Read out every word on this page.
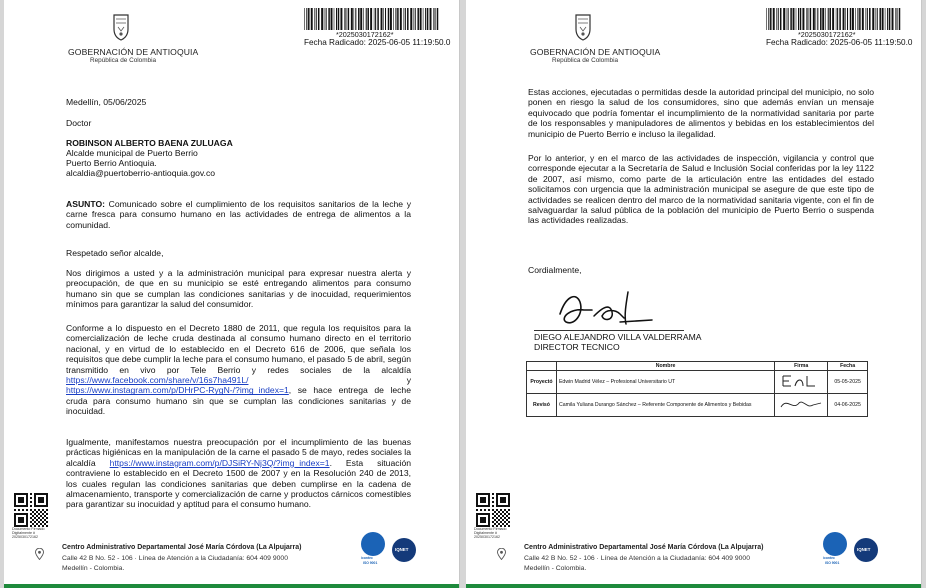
GOBERNACIÓN DE ANTIOQUIA
República de Colombia
*2025030172162*
Fecha Radicado: 2025-06-05 11:19:50.0
Medellín, 05/06/2025
Doctor
ROBINSON ALBERTO BAENA ZULUAGA
Alcalde municipal de Puerto Berrio
Puerto Berrio Antioquia.
alcaldia@puertoberrio-antioquia.gov.co
ASUNTO: Comunicado sobre el cumplimiento de los requisitos sanitarios de la leche y carne fresca para consumo humano en las actividades de entrega de alimentos a la comunidad.
Respetado señor alcalde,
Nos dirigimos a usted y a la administración municipal para expresar nuestra alerta y preocupación, de que en su municipio se esté entregando alimentos para consumo humano sin que se cumplan las condiciones sanitarias y de inocuidad, requerimientos mínimos para garantizar la salud del consumidor.
Conforme a lo dispuesto en el Decreto 1880 de 2011, que regula los requisitos para la comercialización de leche cruda destinada al consumo humano directo en el territorio nacional, y en virtud de lo establecido en el Decreto 616 de 2006, que señala los requisitos que debe cumplir la leche para el consumo humano, el pasado 5 de abril, según transmitido en vivo por Tele Berrio y redes sociales de la alcaldía https://www.facebook.com/share/v/16s7ha491L/	y

https://www.instagram.com/p/DHrPC-RygN-/?img_index=1, se hace entrega de leche cruda para consumo humano sin que se cumplan las condiciones sanitarias y de inocuidad.
Igualmente, manifestamos nuestra preocupación por el incumplimiento de las buenas prácticas higiénicas en la manipulación de la carne el pasado 5 de mayo, redes sociales la alcaldía https://www.instagram.com/p/DJSiRY-Nj3Q/?img_index=1. Esta situación contraviene lo establecido en el Decreto 1500 de 2007 y en la Resolución 240 de 2013, los cuales regulan las condiciones sanitarias que deben cumplirse en la cadena de almacenamiento, transporte y comercialización de carne y productos cárnicos comestibles para garantizar su inocuidad y aptitud para el consumo humano.
Documento Firmado Digitalmente # 2025030172162
Centro Administrativo Departamental José María Córdova (La Alpujarra)
Calle 42 B No. 52 - 106 · Línea de Atención a la Ciudadanía: 604 409 9000
Medellín - Colombia.
icontec
ISO 9001
IQNET
GOBERNACIÓN DE ANTIOQUIA
República de Colombia
*2025030172162*
Fecha Radicado: 2025-06-05 11:19:50.0
Estas acciones, ejecutadas o permitidas desde la autoridad principal del municipio, no solo ponen en riesgo la salud de los consumidores, sino que además envían un mensaje equivocado que podría fomentar el incumplimiento de la normatividad sanitaria por parte de los responsables y manipuladores de alimentos y bebidas en los establecimientos del municipio de Puerto Berrio e incluso la ilegalidad.
Por lo anterior, y en el marco de las actividades de inspección, vigilancia y control que corresponde ejecutar a la Secretaría de Salud e Inclusión Social conferidas por la ley 1122 de 2007, así mismo, como parte de la articulación entre las entidades del estado solicitamos con urgencia que la administración municipal se asegure de que este tipo de actividades se realicen dentro del marco de la normatividad sanitaria vigente, con el fin de salvaguardar la salud pública de la población del municipio de Puerto Berrio o suspenda las actividades realizadas.
Cordialmente,
DIEGO ALEJANDRO VILLA VALDERRAMA
DIRECTOR TECNICO
	Nombre	Firma	Fecha
Proyectó	Edwin Madrid Vélez – Profesional Universitario UT		05-05-2025
Revisó	Camila Yuliana Durango Sánchez – Referente Componente de Alimentos y Bebidas		04-06-2025
Documento Firmado Digitalmente # 2025030172162
Centro Administrativo Departamental José María Córdova (La Alpujarra)
Calle 42 B No. 52 - 106 · Línea de Atención a la Ciudadanía: 604 409 9000
Medellín - Colombia.
icontec
ISO 9001
IQNET
